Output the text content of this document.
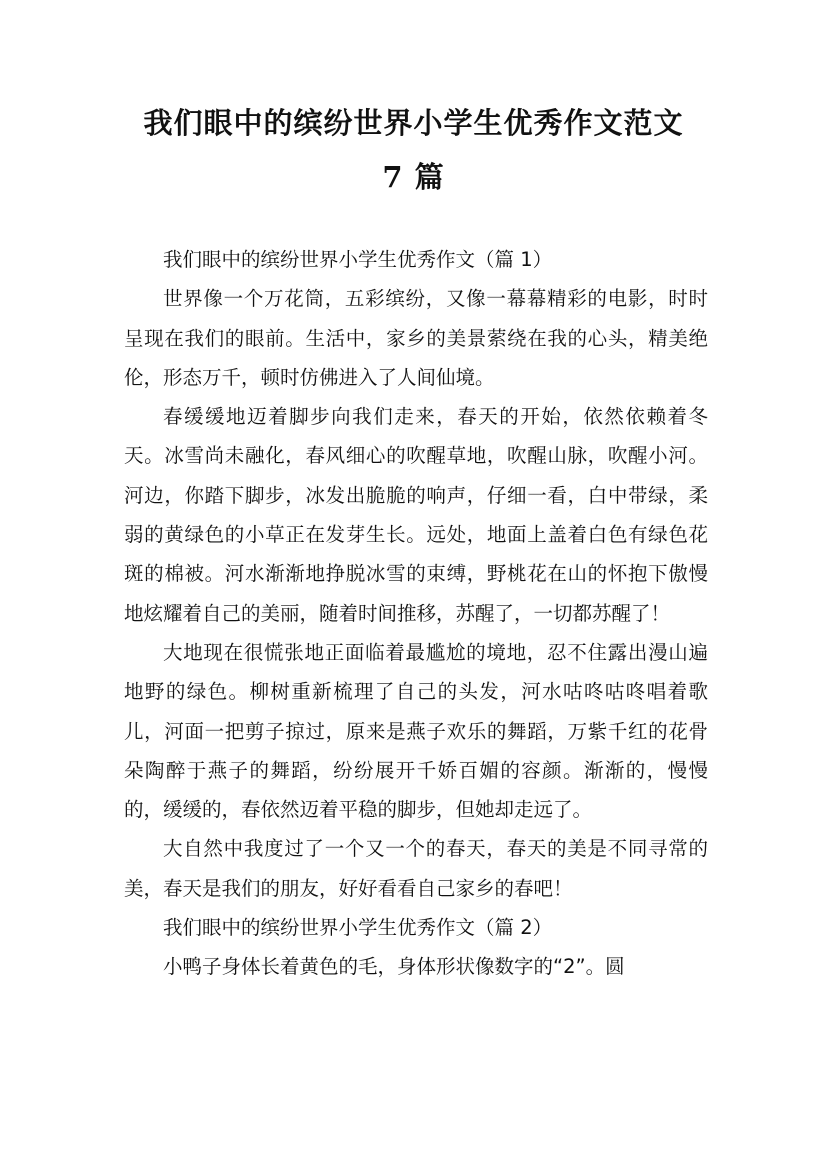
我们眼中的缤纷世界小学生优秀作文范文
7 篇

我们眼中的缤纷世界小学生优秀作文（篇 1）

世界像一个万花筒，五彩缤纷，又像一幕幕精彩的电影，时时呈现在我们的眼前。生活中，家乡的美景萦绕在我的心头，精美绝伦，形态万千，顿时仿佛进入了人间仙境。

春缓缓地迈着脚步向我们走来，春天的开始，依然依赖着冬天。冰雪尚未融化，春风细心的吹醒草地，吹醒山脉，吹醒小河。河边，你踏下脚步，冰发出脆脆的响声，仔细一看，白中带绿，柔弱的黄绿色的小草正在发芽生长。远处，地面上盖着白色有绿色花斑的棉被。河水渐渐地挣脱冰雪的束缚，野桃花在山的怀抱下傲慢地炫耀着自己的美丽，随着时间推移，苏醒了，一切都苏醒了！

大地现在很慌张地正面临着最尴尬的境地，忍不住露出漫山遍地野的绿色。柳树重新梳理了自己的头发，河水咕咚咕咚唱着歌儿，河面一把剪子掠过，原来是燕子欢乐的舞蹈，万紫千红的花骨朵陶醉于燕子的舞蹈，纷纷展开千娇百媚的容颜。渐渐的，慢慢的，缓缓的，春依然迈着平稳的脚步，但她却走远了。

大自然中我度过了一个又一个的春天，春天的美是不同寻常的美，春天是我们的朋友，好好看看自己家乡的春吧！

我们眼中的缤纷世界小学生优秀作文（篇 2）

小鸭子身体长着黄色的毛，身体形状像数字的“2”。圆
